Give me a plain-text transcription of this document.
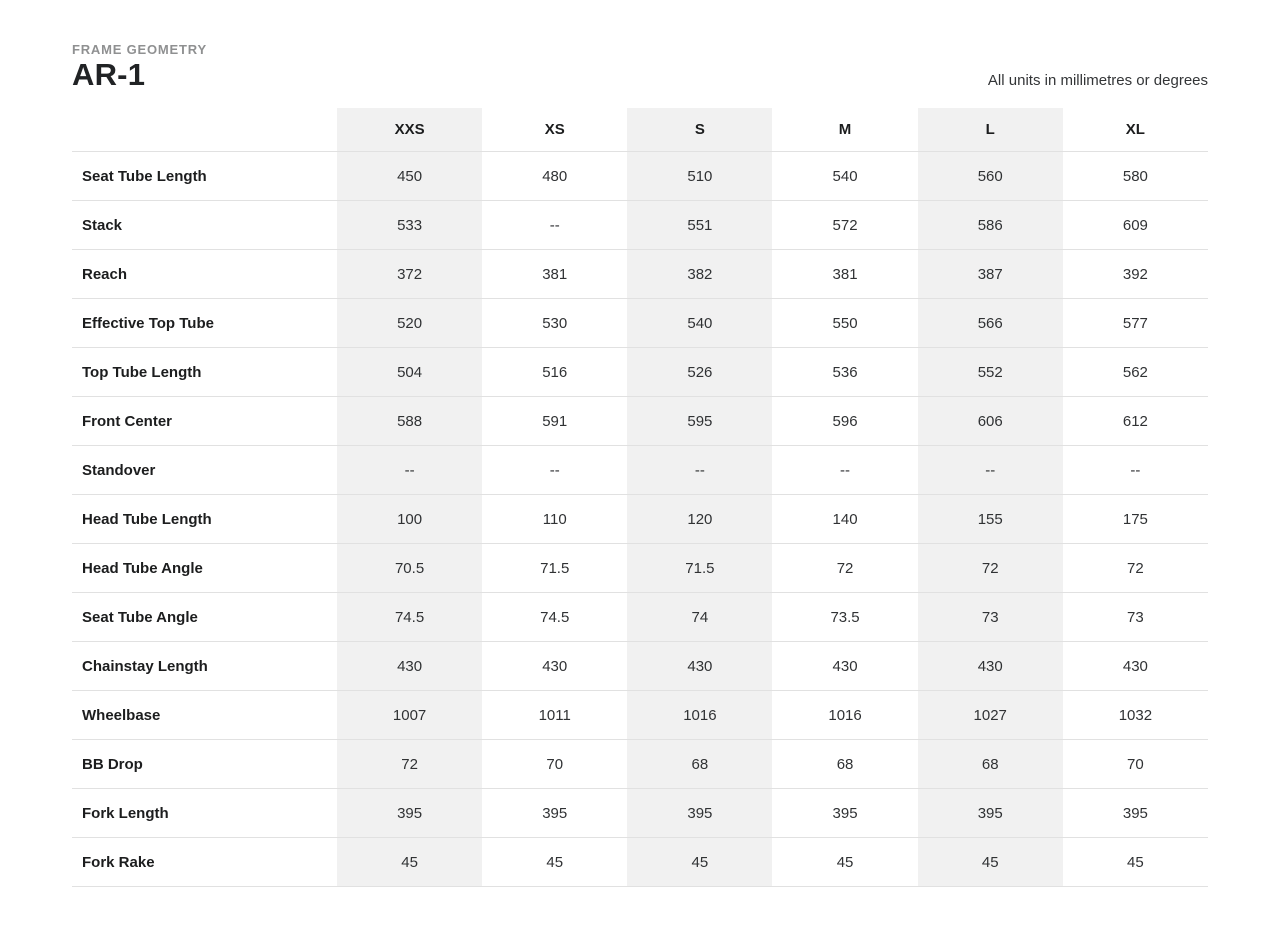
FRAME GEOMETRY
AR-1	All units in millimetres or degrees
	XXS	XS	S	M	L	XL
Seat Tube Length	450	480	510	540	560	580
Stack	533	--	551	572	586	609
Reach	372	381	382	381	387	392
Effective Top Tube	520	530	540	550	566	577
Top Tube Length	504	516	526	536	552	562
Front Center	588	591	595	596	606	612
Standover	--	--	--	--	--	--
Head Tube Length	100	110	120	140	155	175
Head Tube Angle	70.5	71.5	71.5	72	72	72
Seat Tube Angle	74.5	74.5	74	73.5	73	73
Chainstay Length	430	430	430	430	430	430
Wheelbase	1007	1011	1016	1016	1027	1032
BB Drop	72	70	68	68	68	70
Fork Length	395	395	395	395	395	395
Fork Rake	45	45	45	45	45	45
